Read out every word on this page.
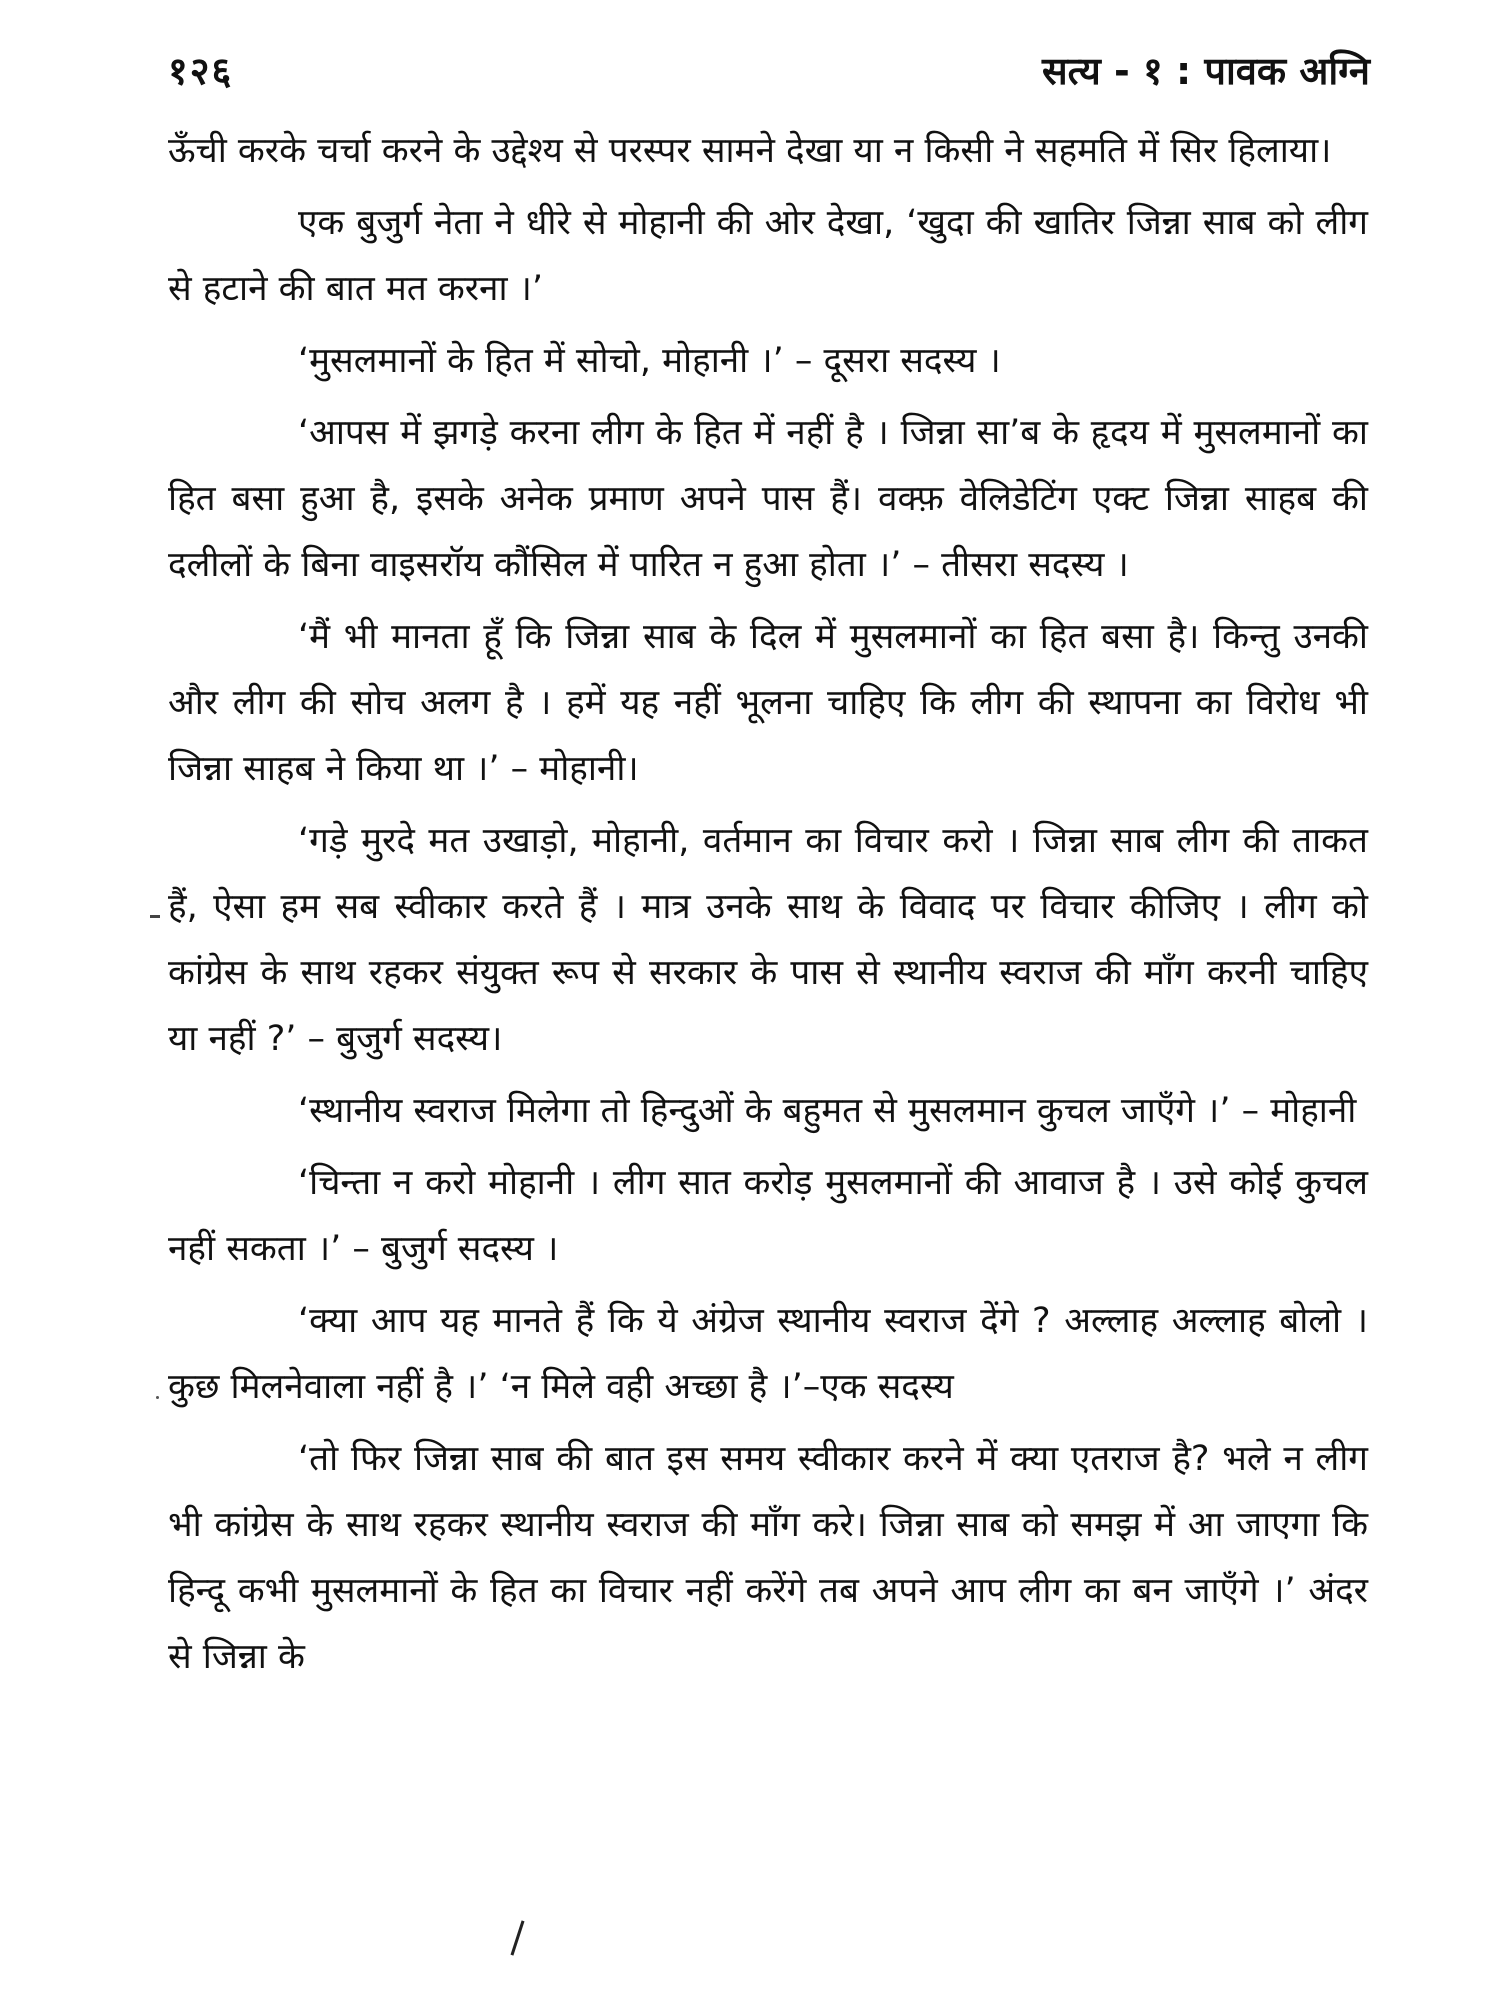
१२६	सत्य - १ : पावक अग्नि

ऊँची करके चर्चा करने के उद्देश्य से परस्पर सामने देखा या न किसी ने सहमति में सिर हिलाया।

एक बुजुर्ग नेता ने धीरे से मोहानी की ओर देखा, ‘खुदा की खातिर जिन्ना साब को लीग से हटाने की बात मत करना ।’

‘मुसलमानों के हित में सोचो, मोहानी ।’ – दूसरा सदस्य ।

‘आपस में झगड़े करना लीग के हित में नहीं है । जिन्ना सा’ब के हृदय में मुसलमानों का हित बसा हुआ है, इसके अनेक प्रमाण अपने पास हैं। वक्फ़ वेलिडेटिंग एक्ट जिन्ना साहब की दलीलों के बिना वाइसरॉय कौंसिल में पारित न हुआ होता ।’ – तीसरा सदस्य ।

‘मैं भी मानता हूँ कि जिन्ना साब के दिल में मुसलमानों का हित बसा है। किन्तु उनकी और लीग की सोच अलग है । हमें यह नहीं भूलना चाहिए कि लीग की स्थापना का विरोध भी जिन्ना साहब ने किया था ।’ – मोहानी।

‘गड़े मुरदे मत उखाड़ो, मोहानी, वर्तमान का विचार करो । जिन्ना साब लीग की ताकत हैं, ऐसा हम सब स्वीकार करते हैं । मात्र उनके साथ के विवाद पर विचार कीजिए । लीग को कांग्रेस के साथ रहकर संयुक्त रूप से सरकार के पास से स्थानीय स्वराज की माँग करनी चाहिए या नहीं ?’ – बुजुर्ग सदस्य।

‘स्थानीय स्वराज मिलेगा तो हिन्दुओं के बहुमत से मुसलमान कुचल जाएँगे ।’ – मोहानी

‘चिन्ता न करो मोहानी । लीग सात करोड़ मुसलमानों की आवाज है । उसे कोई कुचल नहीं सकता ।’ – बुजुर्ग सदस्य ।

‘क्या आप यह मानते हैं कि ये अंग्रेज स्थानीय स्वराज देंगे ? अल्लाह अल्लाह बोलो । कुछ मिलनेवाला नहीं है ।’ ‘न मिले वही अच्छा है ।’–एक सदस्य

‘तो फिर जिन्ना साब की बात इस समय स्वीकार करने में क्या एतराज है? भले न लीग भी कांग्रेस के साथ रहकर स्थानीय स्वराज की माँग करे। जिन्ना साब को समझ में आ जाएगा कि हिन्दू कभी मुसलमानों के हित का विचार नहीं करेंगे तब अपने आप लीग का बन जाएँगे ।’ अंदर से जिन्ना के
